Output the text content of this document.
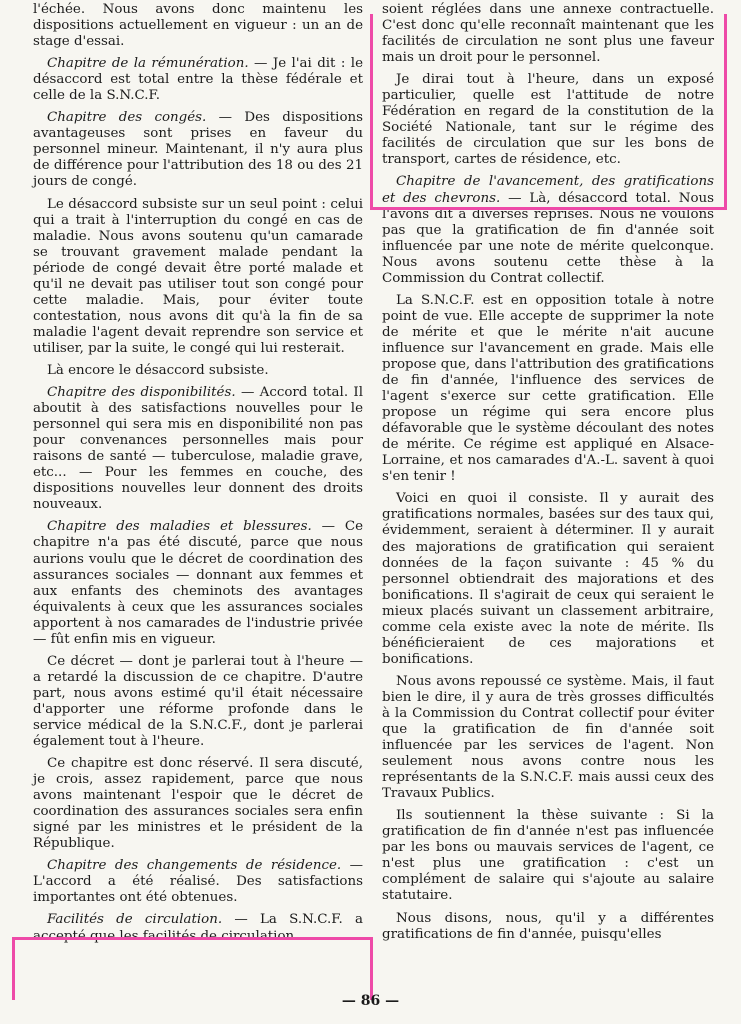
l'échée. Nous avons donc maintenu les dispositions actuellement en vigueur : un an de stage d'essai.

Chapitre de la rémunération. — Je l'ai dit : le désaccord est total entre la thèse fédérale et celle de la S.N.C.F.

Chapitre des congés. — Des dispositions avantageuses sont prises en faveur du personnel mineur. Maintenant, il n'y aura plus de différence pour l'attribution des 18 ou des 21 jours de congé.

Le désaccord subsiste sur un seul point : celui qui a trait à l'interruption du congé en cas de maladie. Nous avons soutenu qu'un camarade se trouvant gravement malade pendant la période de congé devait être porté malade et qu'il ne devait pas utiliser tout son congé pour cette maladie. Mais, pour éviter toute contestation, nous avons dit qu'à la fin de sa maladie l'agent devait reprendre son service et utiliser, par la suite, le congé qui lui resterait.

Là encore le désaccord subsiste.

Chapitre des disponibilités. — Accord total. Il aboutit à des satisfactions nouvelles pour le personnel qui sera mis en disponibilité non pas pour convenances personnelles mais pour raisons de santé — tuberculose, maladie grave, etc... — Pour les femmes en couche, des dispositions nouvelles leur donnent des droits nouveaux.

Chapitre des maladies et blessures. — Ce chapitre n'a pas été discuté, parce que nous aurions voulu que le décret de coordination des assurances sociales — donnant aux femmes et aux enfants des cheminots des avantages équivalents à ceux que les assurances sociales apportent à nos camarades de l'industrie privée — fût enfin mis en vigueur.

Ce décret — dont je parlerai tout à l'heure — a retardé la discussion de ce chapitre. D'autre part, nous avons estimé qu'il était nécessaire d'apporter une réforme profonde dans le service médical de la S.N.C.F., dont je parlerai également tout à l'heure.

Ce chapitre est donc réservé. Il sera discuté, je crois, assez rapidement, parce que nous avons maintenant l'espoir que le décret de coordination des assurances sociales sera enfin signé par les ministres et le président de la République.

Chapitre des changements de résidence. — L'accord a été réalisé. Des satisfactions importantes ont été obtenues.

Facilités de circulation. — La S.N.C.F. a accepté que les facilités de circulation

soient réglées dans une annexe contractuelle. C'est donc qu'elle reconnaît maintenant que les facilités de circulation ne sont plus une faveur mais un droit pour le personnel.

Je dirai tout à l'heure, dans un exposé particulier, quelle est l'attitude de notre Fédération en regard de la constitution de la Société Nationale, tant sur le régime des facilités de circulation que sur les bons de transport, cartes de résidence, etc.

Chapitre de l'avancement, des gratifications et des chevrons. — Là, désaccord total. Nous l'avons dit à diverses reprises. Nous ne voulons pas que la gratification de fin d'année soit influencée par une note de mérite quelconque. Nous avons soutenu cette thèse à la Commission du Contrat collectif.

La S.N.C.F. est en opposition totale à notre point de vue. Elle accepte de supprimer la note de mérite et que le mérite n'ait aucune influence sur l'avancement en grade. Mais elle propose que, dans l'attribution des gratifications de fin d'année, l'influence des services de l'agent s'exerce sur cette gratification. Elle propose un régime qui sera encore plus défavorable que le système découlant des notes de mérite. Ce régime est appliqué en Alsace-Lorraine, et nos camarades d'A.-L. savent à quoi s'en tenir !

Voici en quoi il consiste. Il y aurait des gratifications normales, basées sur des taux qui, évidemment, seraient à déterminer. Il y aurait des majorations de gratification qui seraient données de la façon suivante : 45 % du personnel obtiendrait des majorations et des bonifications. Il s'agirait de ceux qui seraient le mieux placés suivant un classement arbitraire, comme cela existe avec la note de mérite. Ils bénéficieraient de ces majorations et bonifications.

Nous avons repoussé ce système. Mais, il faut bien le dire, il y aura de très grosses difficultés à la Commission du Contrat collectif pour éviter que la gratification de fin d'année soit influencée par les services de l'agent. Non seulement nous avons contre nous les représentants de la S.N.C.F. mais aussi ceux des Travaux Publics.

Ils soutiennent la thèse suivante : Si la gratification de fin d'année n'est pas influencée par les bons ou mauvais services de l'agent, ce n'est plus une gratification : c'est un complément de salaire qui s'ajoute au salaire statutaire.

Nous disons, nous, qu'il y a différentes gratifications de fin d'année, puisqu'elles

— 86 —
